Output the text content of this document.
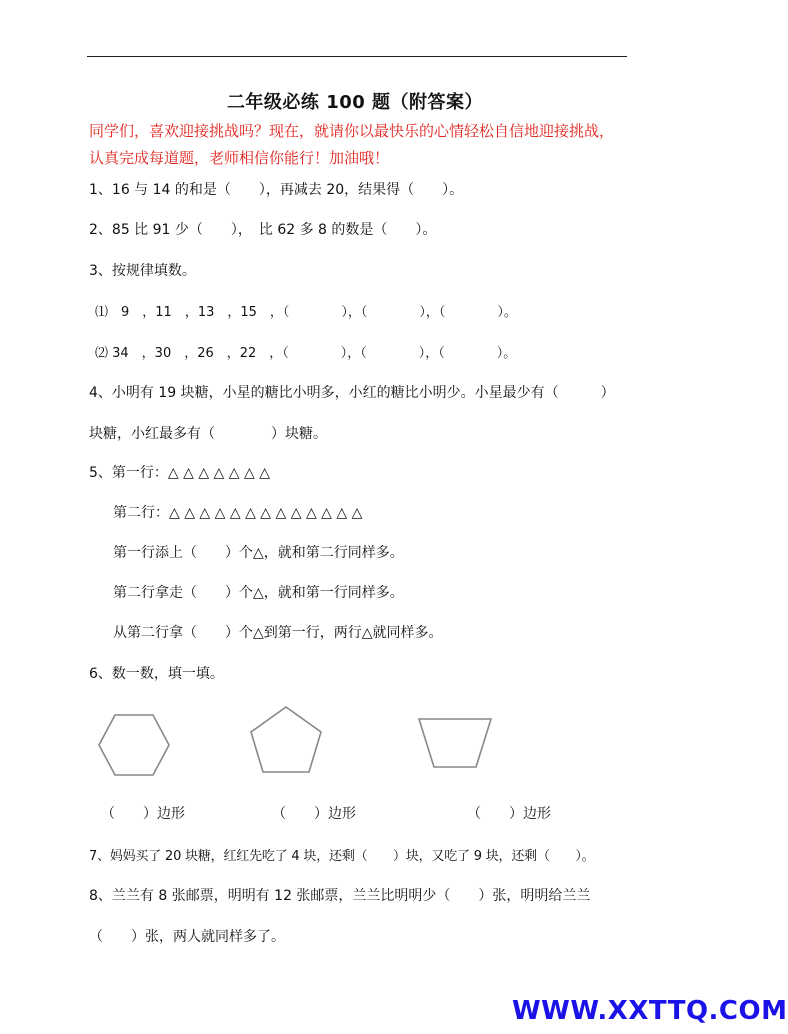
二年级必练 100 题（附答案）
同学们，喜欢迎接挑战吗？现在，就请你以最快乐的心情轻松自信地迎接挑战，
认真完成每道题，老师相信你能行！加油哦！
1、16 与 14 的和是（　　），再减去 20，结果得（　　）。
2、85 比 91 少（　　），　比 62 多 8 的数是（　　）。
3、按规律填数。
⑴　9　，11　，13　，15　，（　　　　），（　　　　），（　　　　）。
⑵ 34　，30　，26　，22　，（　　　　），（　　　　），（　　　　）。
4、小明有 19 块糖，小星的糖比小明多，小红的糖比小明少。小星最少有（　　　）
块糖，小红最多有（　　　　）块糖。
5、第一行：△ △ △ △ △ △ △
第二行：△ △ △ △ △ △ △ △ △ △ △ △ △
第一行添上（　　）个△，就和第二行同样多。
第二行拿走（　　）个△，就和第一行同样多。
从第二行拿（　　）个△到第一行，两行△就同样多。
6、数一数，填一填。
（　　）边形	（　　）边形	（　　）边形
7、妈妈买了 20 块糖，红红先吃了 4 块，还剩（　　）块，又吃了 9 块，还剩（　　）。
8、兰兰有 8 张邮票，明明有 12 张邮票，兰兰比明明少（　　）张，明明给兰兰
（　　）张，两人就同样多了。
WWW.XXTTQ.COM
